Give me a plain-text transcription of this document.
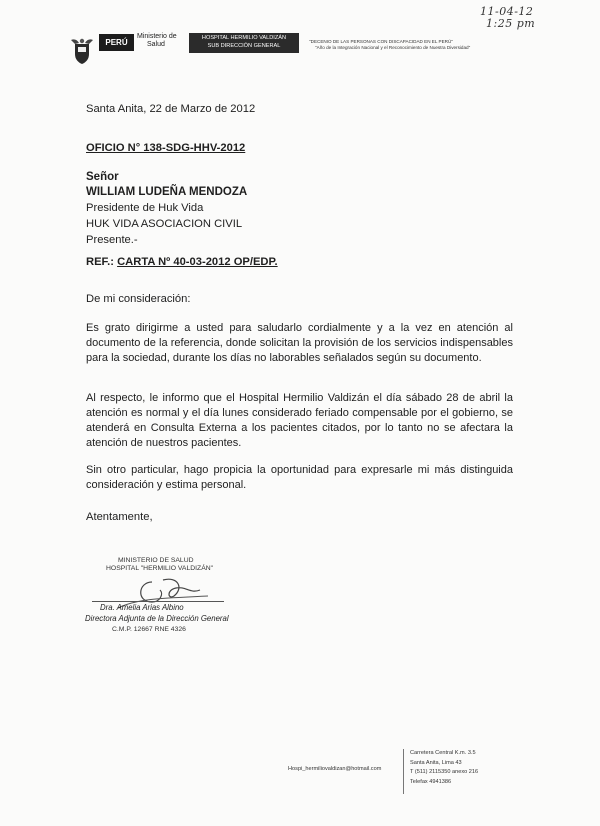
11-04-12
1:25 pm
PERÚ
Ministerio de
Salud
HOSPITAL HERMILIO VALDIZÁN
SUB DIRECCIÓN GENERAL
"DECENIO DE LAS PERSONAS CON DISCAPACIDAD EN EL PERÚ"
"Año de la Integración Nacional y el Reconocimiento de Nuestra Diversidad"
Santa Anita, 22 de Marzo de 2012
OFICIO N° 138-SDG-HHV-2012
Señor
WILLIAM LUDEÑA MENDOZA
Presidente de Huk Vida
HUK VIDA ASOCIACION CIVIL
Presente.-
REF.: CARTA Nº 40-03-2012 OP/EDP.
De mi consideración:
Es grato dirigirme a usted para saludarlo cordialmente y a la vez en atención al documento de la referencia, donde solicitan la provisión de los servicios indispensables para la sociedad, durante los días no laborables señalados según su documento.
Al respecto, le informo que el Hospital Hermilio Valdizán el día sábado 28 de abril la atención es normal y el día lunes considerado feriado compensable por el gobierno, se atenderá en Consulta Externa a los pacientes citados, por lo tanto no se afectara la atención de nuestros pacientes.
Sin otro particular, hago propicia la oportunidad para expresarle mi más distinguida consideración y estima personal.
Atentamente,
MINISTERIO DE SALUD
HOSPITAL "HERMILIO VALDIZÁN"
Dra. Amelia Arias Albino
Directora Adjunta de la Dirección General
C.M.P. 12667 RNE 4326
Hospi_hermiliovaldizan@hotmail.com
Carretera Central K.m. 3.5
Santa Anita, Lima 43
T (511) 2115350 anexo 216
Telefax 4941386
